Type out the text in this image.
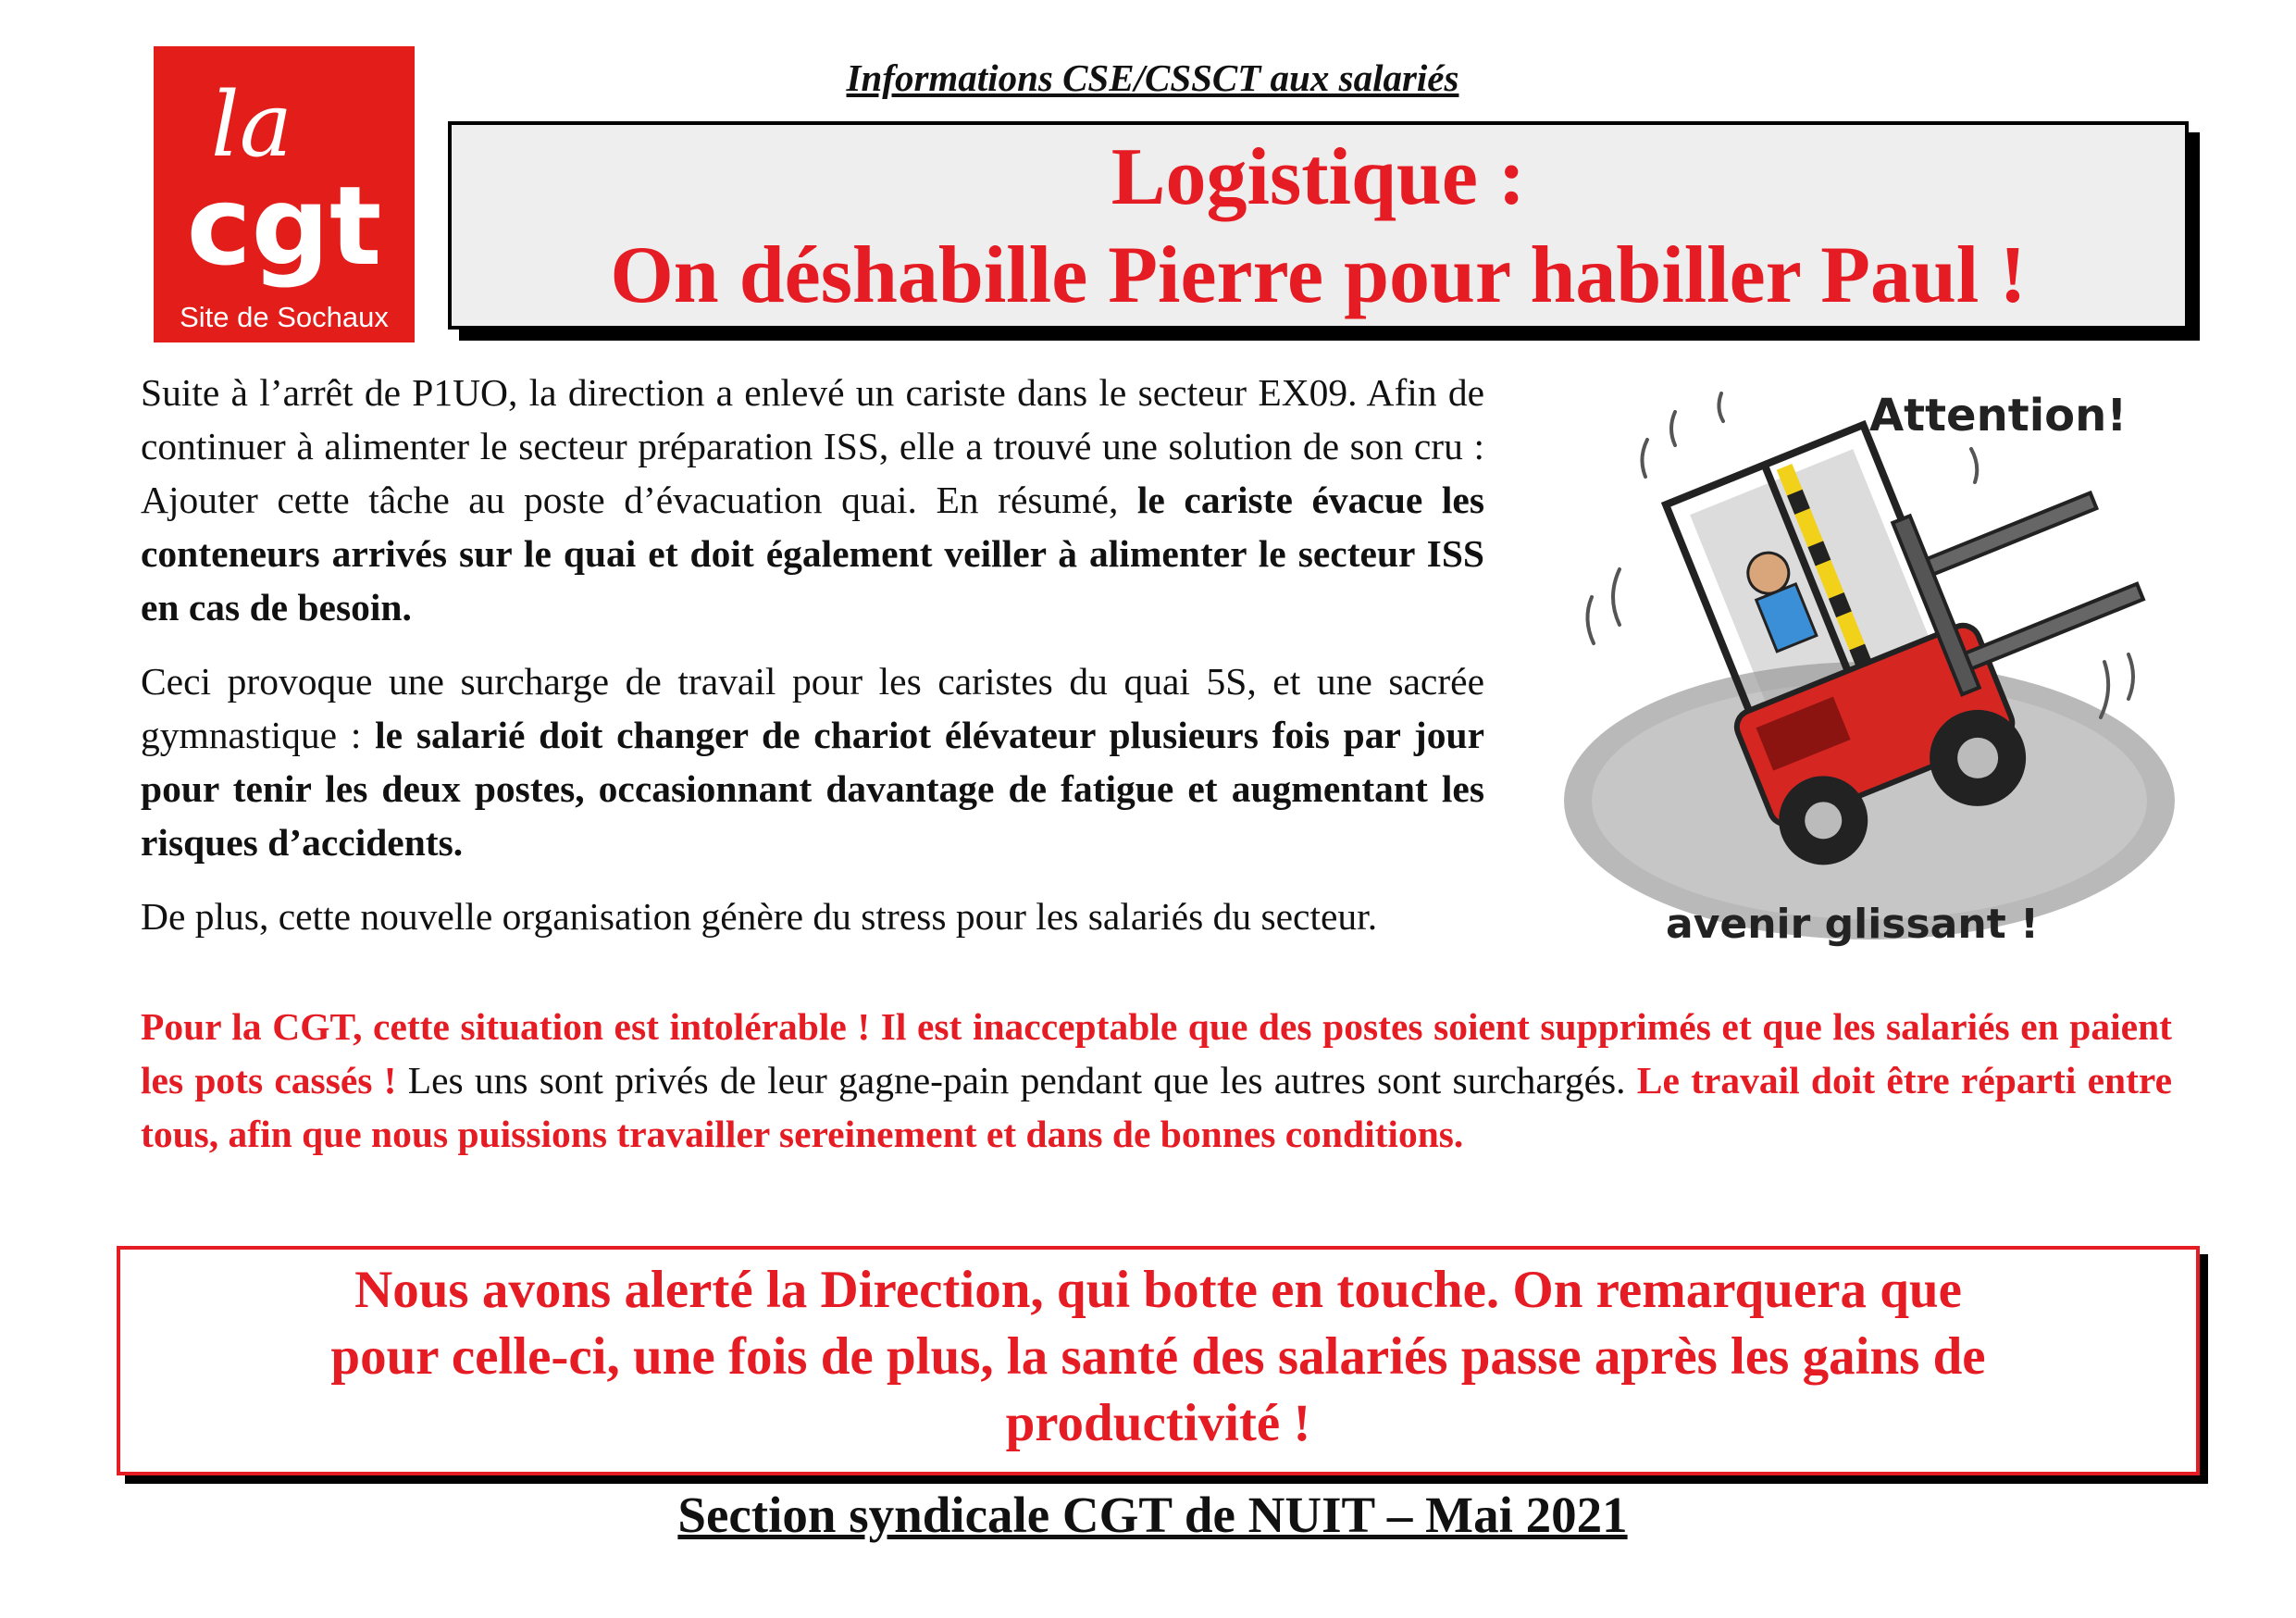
la
cgt
Site de Sochaux
Informations CSE/CSSCT aux salariés
Logistique :
On déshabille Pierre pour habiller Paul !

Suite à l’arrêt de P1UO, la direction a enlevé un cariste dans le secteur EX09. Afin de continuer à alimenter le secteur préparation ISS, elle a trouvé une solution de son cru : Ajouter cette tâche au poste d’évacuation quai. En résumé, le cariste évacue les conteneurs arrivés sur le quai et doit également veiller à alimenter le secteur ISS en cas de besoin.

Ceci provoque une surcharge de travail pour les caristes du quai 5S, et une sacrée gymnastique : le salarié doit changer de chariot élévateur plusieurs fois par jour pour tenir les deux postes, occasionnant davantage de fatigue et augmentant les risques d’accidents.

De plus, cette nouvelle organisation génère du stress pour les salariés du secteur.

Attention!
avenir glissant !

Pour la CGT, cette situation est intolérable ! Il est inacceptable que des postes soient supprimés et que les salariés en paient les pots cassés ! Les uns sont privés de leur gagne-pain pendant que les autres sont surchargés. Le travail doit être réparti entre tous, afin que nous puissions travailler sereinement et dans de bonnes conditions.

Nous avons alerté la Direction, qui botte en touche. On remarquera que
pour celle-ci, une fois de plus, la santé des salariés passe après les gains de
productivité !
Section syndicale CGT de NUIT – Mai 2021
